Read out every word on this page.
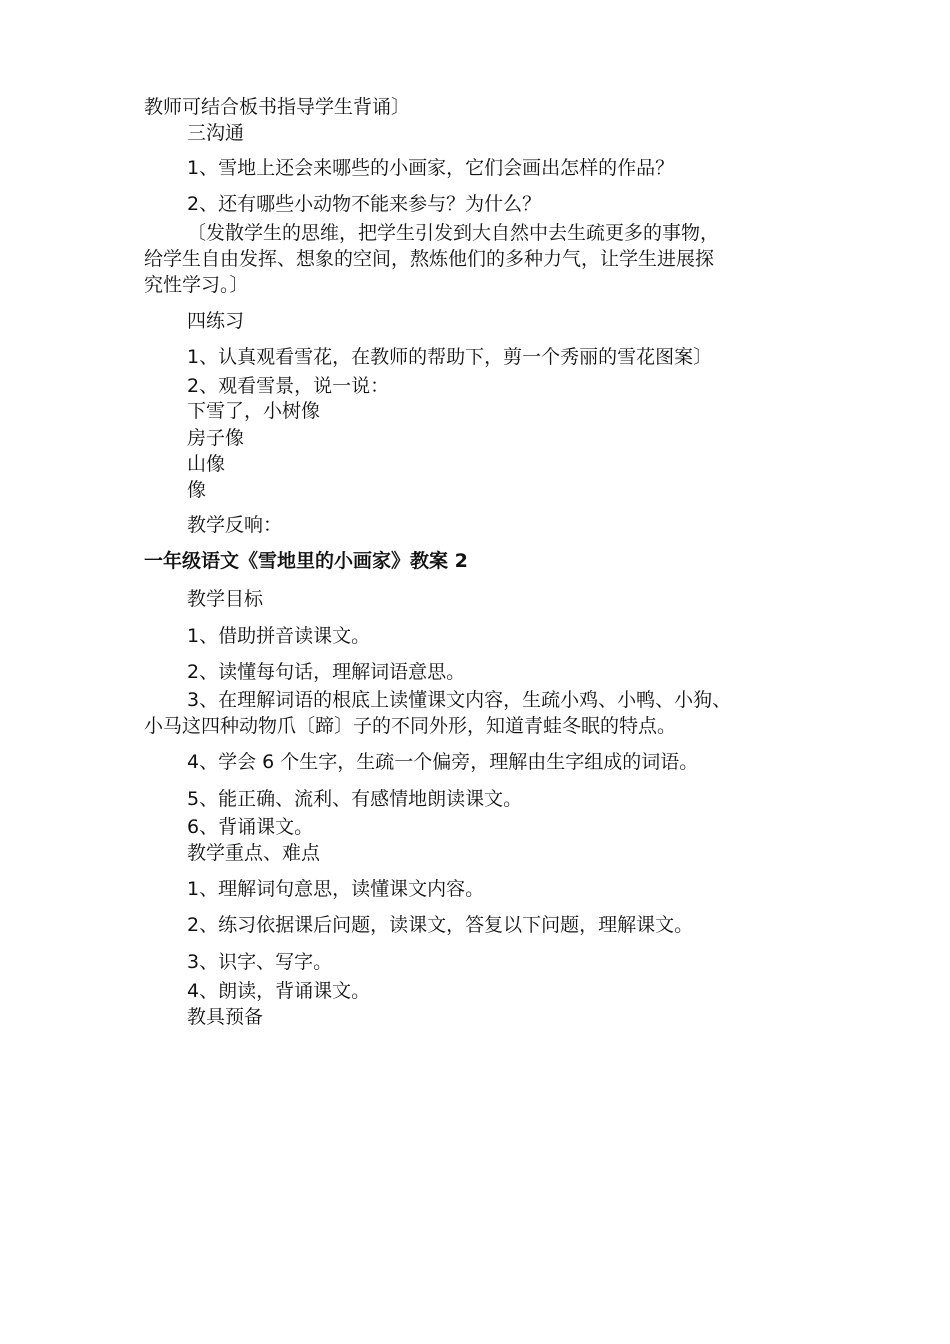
教师可结合板书指导学生背诵〕
三沟通
1、雪地上还会来哪些的小画家，它们会画出怎样的作品？
2、还有哪些小动物不能来参与？为什么？
〔发散学生的思维，把学生引发到大自然中去生疏更多的事物，
给学生自由发挥、想象的空间，熬炼他们的多种力气，让学生进展探
究性学习。〕
四练习
1、认真观看雪花，在教师的帮助下，剪一个秀丽的雪花图案〕
2、观看雪景，说一说：
下雪了，小树像
房子像
山像
像
教学反响：
一年级语文《雪地里的小画家》教案 2
教学目标
1、借助拼音读课文。
2、读懂每句话，理解词语意思。
3、在理解词语的根底上读懂课文内容，生疏小鸡、小鸭、小狗、
小马这四种动物爪〔蹄〕子的不同外形，知道青蛙冬眠的特点。
4、学会 6 个生字，生疏一个偏旁，理解由生字组成的词语。
5、能正确、流利、有感情地朗读课文。
6、背诵课文。
教学重点、难点
1、理解词句意思，读懂课文内容。
2、练习依据课后问题，读课文，答复以下问题，理解课文。
3、识字、写字。
4、朗读，背诵课文。
教具预备
